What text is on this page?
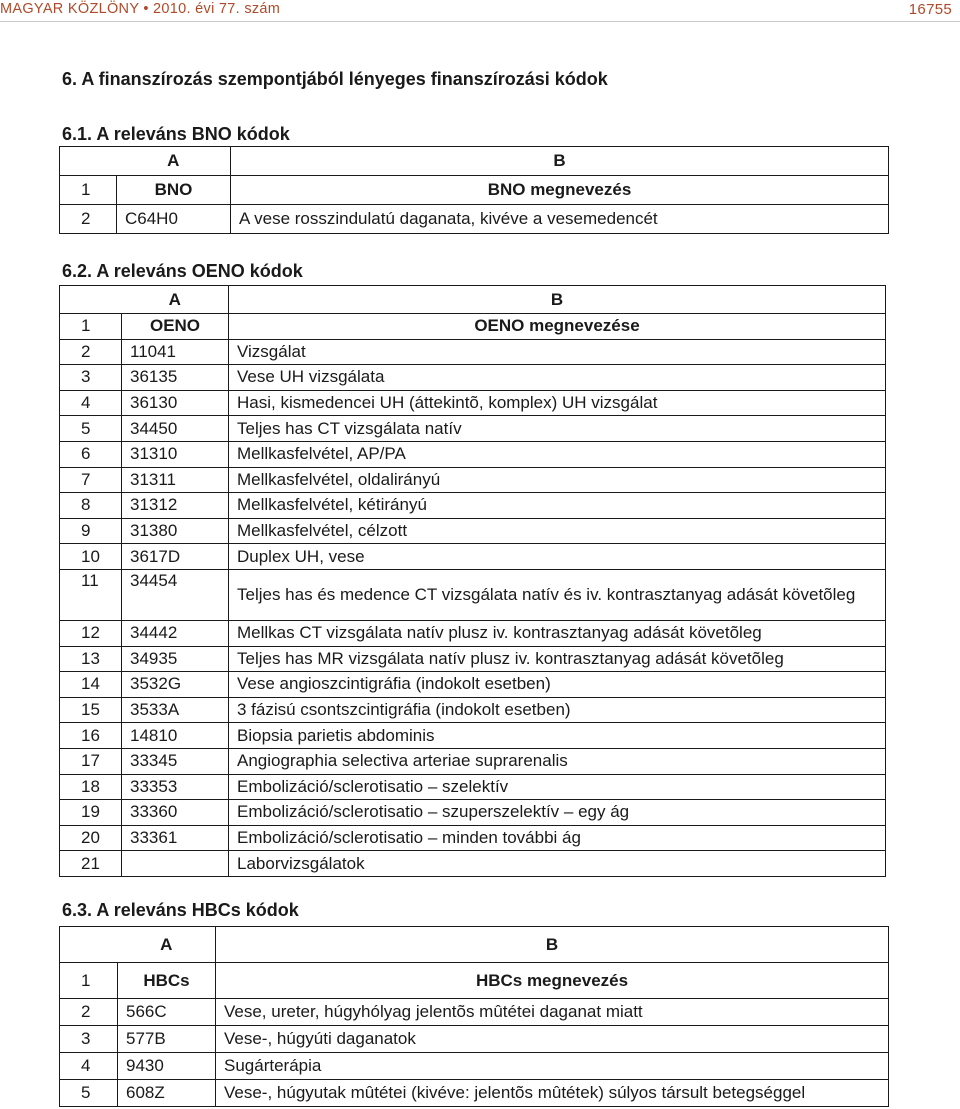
MAGYAR KÖZLÖNY • 2010. évi 77. szám	16755
6. A finanszírozás szempontjából lényeges finanszírozási kódok
6.1. A releváns BNO kódok
	A	B
1	BNO	BNO megnevezés
2	C64H0	A vese rosszindulatú daganata, kivéve a vesemedencét
6.2. A releváns OENO kódok
	A	B
1	OENO	OENO megnevezése
2	11041	Vizsgálat
3	36135	Vese UH vizsgálata
4	36130	Hasi, kismedencei UH (áttekintõ, komplex) UH vizsgálat
5	34450	Teljes has CT vizsgálata natív
6	31310	Mellkasfelvétel, AP/PA
7	31311	Mellkasfelvétel, oldalirányú
8	31312	Mellkasfelvétel, kétirányú
9	31380	Mellkasfelvétel, célzott
10	3617D	Duplex UH, vese
11	34454	Teljes has és medence CT vizsgálata natív és iv. kontrasztanyag adását követõleg
12	34442	Mellkas CT vizsgálata natív plusz iv. kontrasztanyag adását követõleg
13	34935	Teljes has MR vizsgálata natív plusz iv. kontrasztanyag adását követõleg
14	3532G	Vese angioszcintigráfia (indokolt esetben)
15	3533A	3 fázisú csontszcintigráfia (indokolt esetben)
16	14810	Biopsia parietis abdominis
17	33345	Angiographia selectiva arteriae suprarenalis
18	33353	Embolizáció/sclerotisatio – szelektív
19	33360	Embolizáció/sclerotisatio – szuperszelektív – egy ág
20	33361	Embolizáció/sclerotisatio – minden további ág
21		Laborvizsgálatok
6.3. A releváns HBCs kódok
	A	B
1	HBCs	HBCs megnevezés
2	566C	Vese, ureter, húgyhólyag jelentõs mûtétei daganat miatt
3	577B	Vese-, húgyúti daganatok
4	9430	Sugárterápia
5	608Z	Vese-, húgyutak mûtétei (kivéve: jelentõs mûtétek) súlyos társult betegséggel
